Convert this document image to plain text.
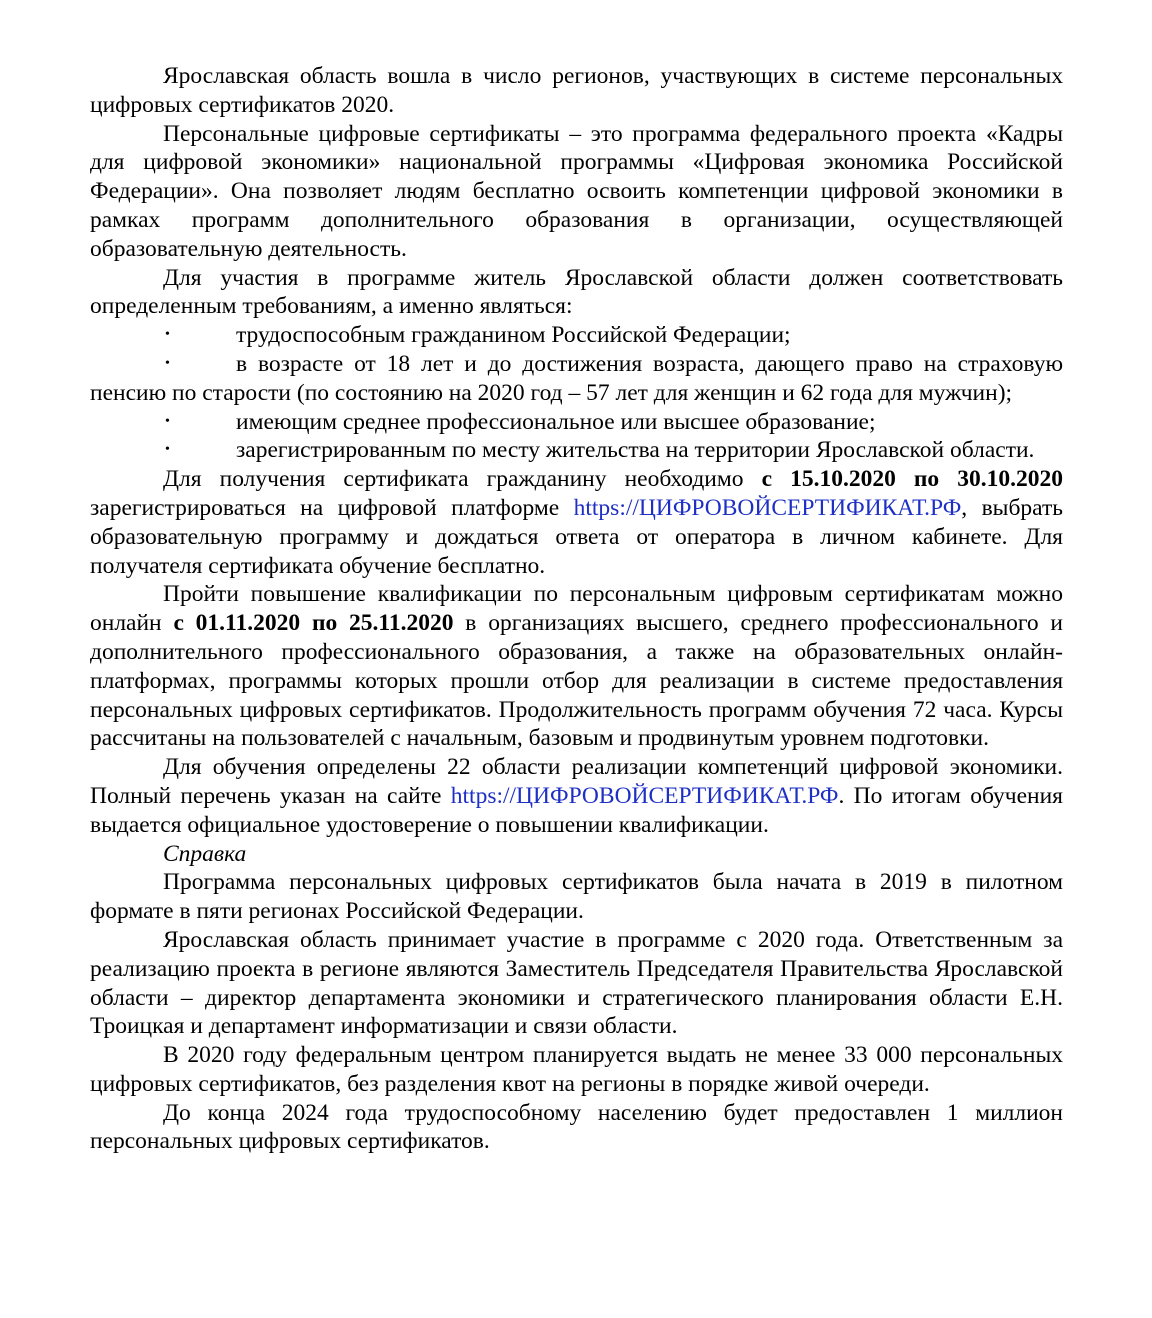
Ярославская область вошла в число регионов, участвующих в системе персональных цифровых сертификатов 2020.

Персональные цифровые сертификаты – это программа федерального проекта «Кадры для цифровой экономики» национальной программы «Цифровая экономика Российской Федерации». Она позволяет людям бесплатно освоить компетенции цифровой экономики в рамках программ дополнительного образования в организации, осуществляющей образовательную деятельность.

Для участия в программе житель Ярославской области должен соответствовать определенным требованиям, а именно являться:

•	трудоспособным гражданином Российской Федерации;

•	в возрасте от 18 лет и до достижения возраста, дающего право на страховую пенсию по старости (по состоянию на 2020 год – 57 лет для женщин и 62 года для мужчин);

•	имеющим среднее профессиональное или высшее образование;

•	зарегистрированным по месту жительства на территории Ярославской области.

Для получения сертификата гражданину необходимо с 15.10.2020 по 30.10.2020 зарегистрироваться на цифровой платформе https://ЦИФРОВОЙСЕРТИФИКАТ.РФ, выбрать образовательную программу и дождаться ответа от оператора в личном кабинете. Для получателя сертификата обучение бесплатно.

Пройти повышение квалификации по персональным цифровым сертификатам можно онлайн с 01.11.2020 по 25.11.2020 в организациях высшего, среднего профессионального и дополнительного профессионального образования, а также на образовательных онлайн-платформах, программы которых прошли отбор для реализации в системе предоставления персональных цифровых сертификатов. Продолжительность программ обучения 72 часа. Курсы рассчитаны на пользователей с начальным, базовым и продвинутым уровнем подготовки.

Для обучения определены 22 области реализации компетенций цифровой экономики. Полный перечень указан на сайте https://ЦИФРОВОЙСЕРТИФИКАТ.РФ. По итогам обучения выдается официальное удостоверение о повышении квалификации.

Справка

Программа персональных цифровых сертификатов была начата в 2019 в пилотном формате в пяти регионах Российской Федерации.

Ярославская область принимает участие в программе с 2020 года. Ответственным за реализацию проекта в регионе являются Заместитель Председателя Правительства Ярославской области – директор департамента экономики и стратегического планирования области Е.Н. Троицкая и департамент информатизации и связи области.

В 2020 году федеральным центром планируется выдать не менее 33 000 персональных цифровых сертификатов, без разделения квот на регионы в порядке живой очереди.

До конца 2024 года трудоспособному населению будет предоставлен 1 миллион персональных цифровых сертификатов.
